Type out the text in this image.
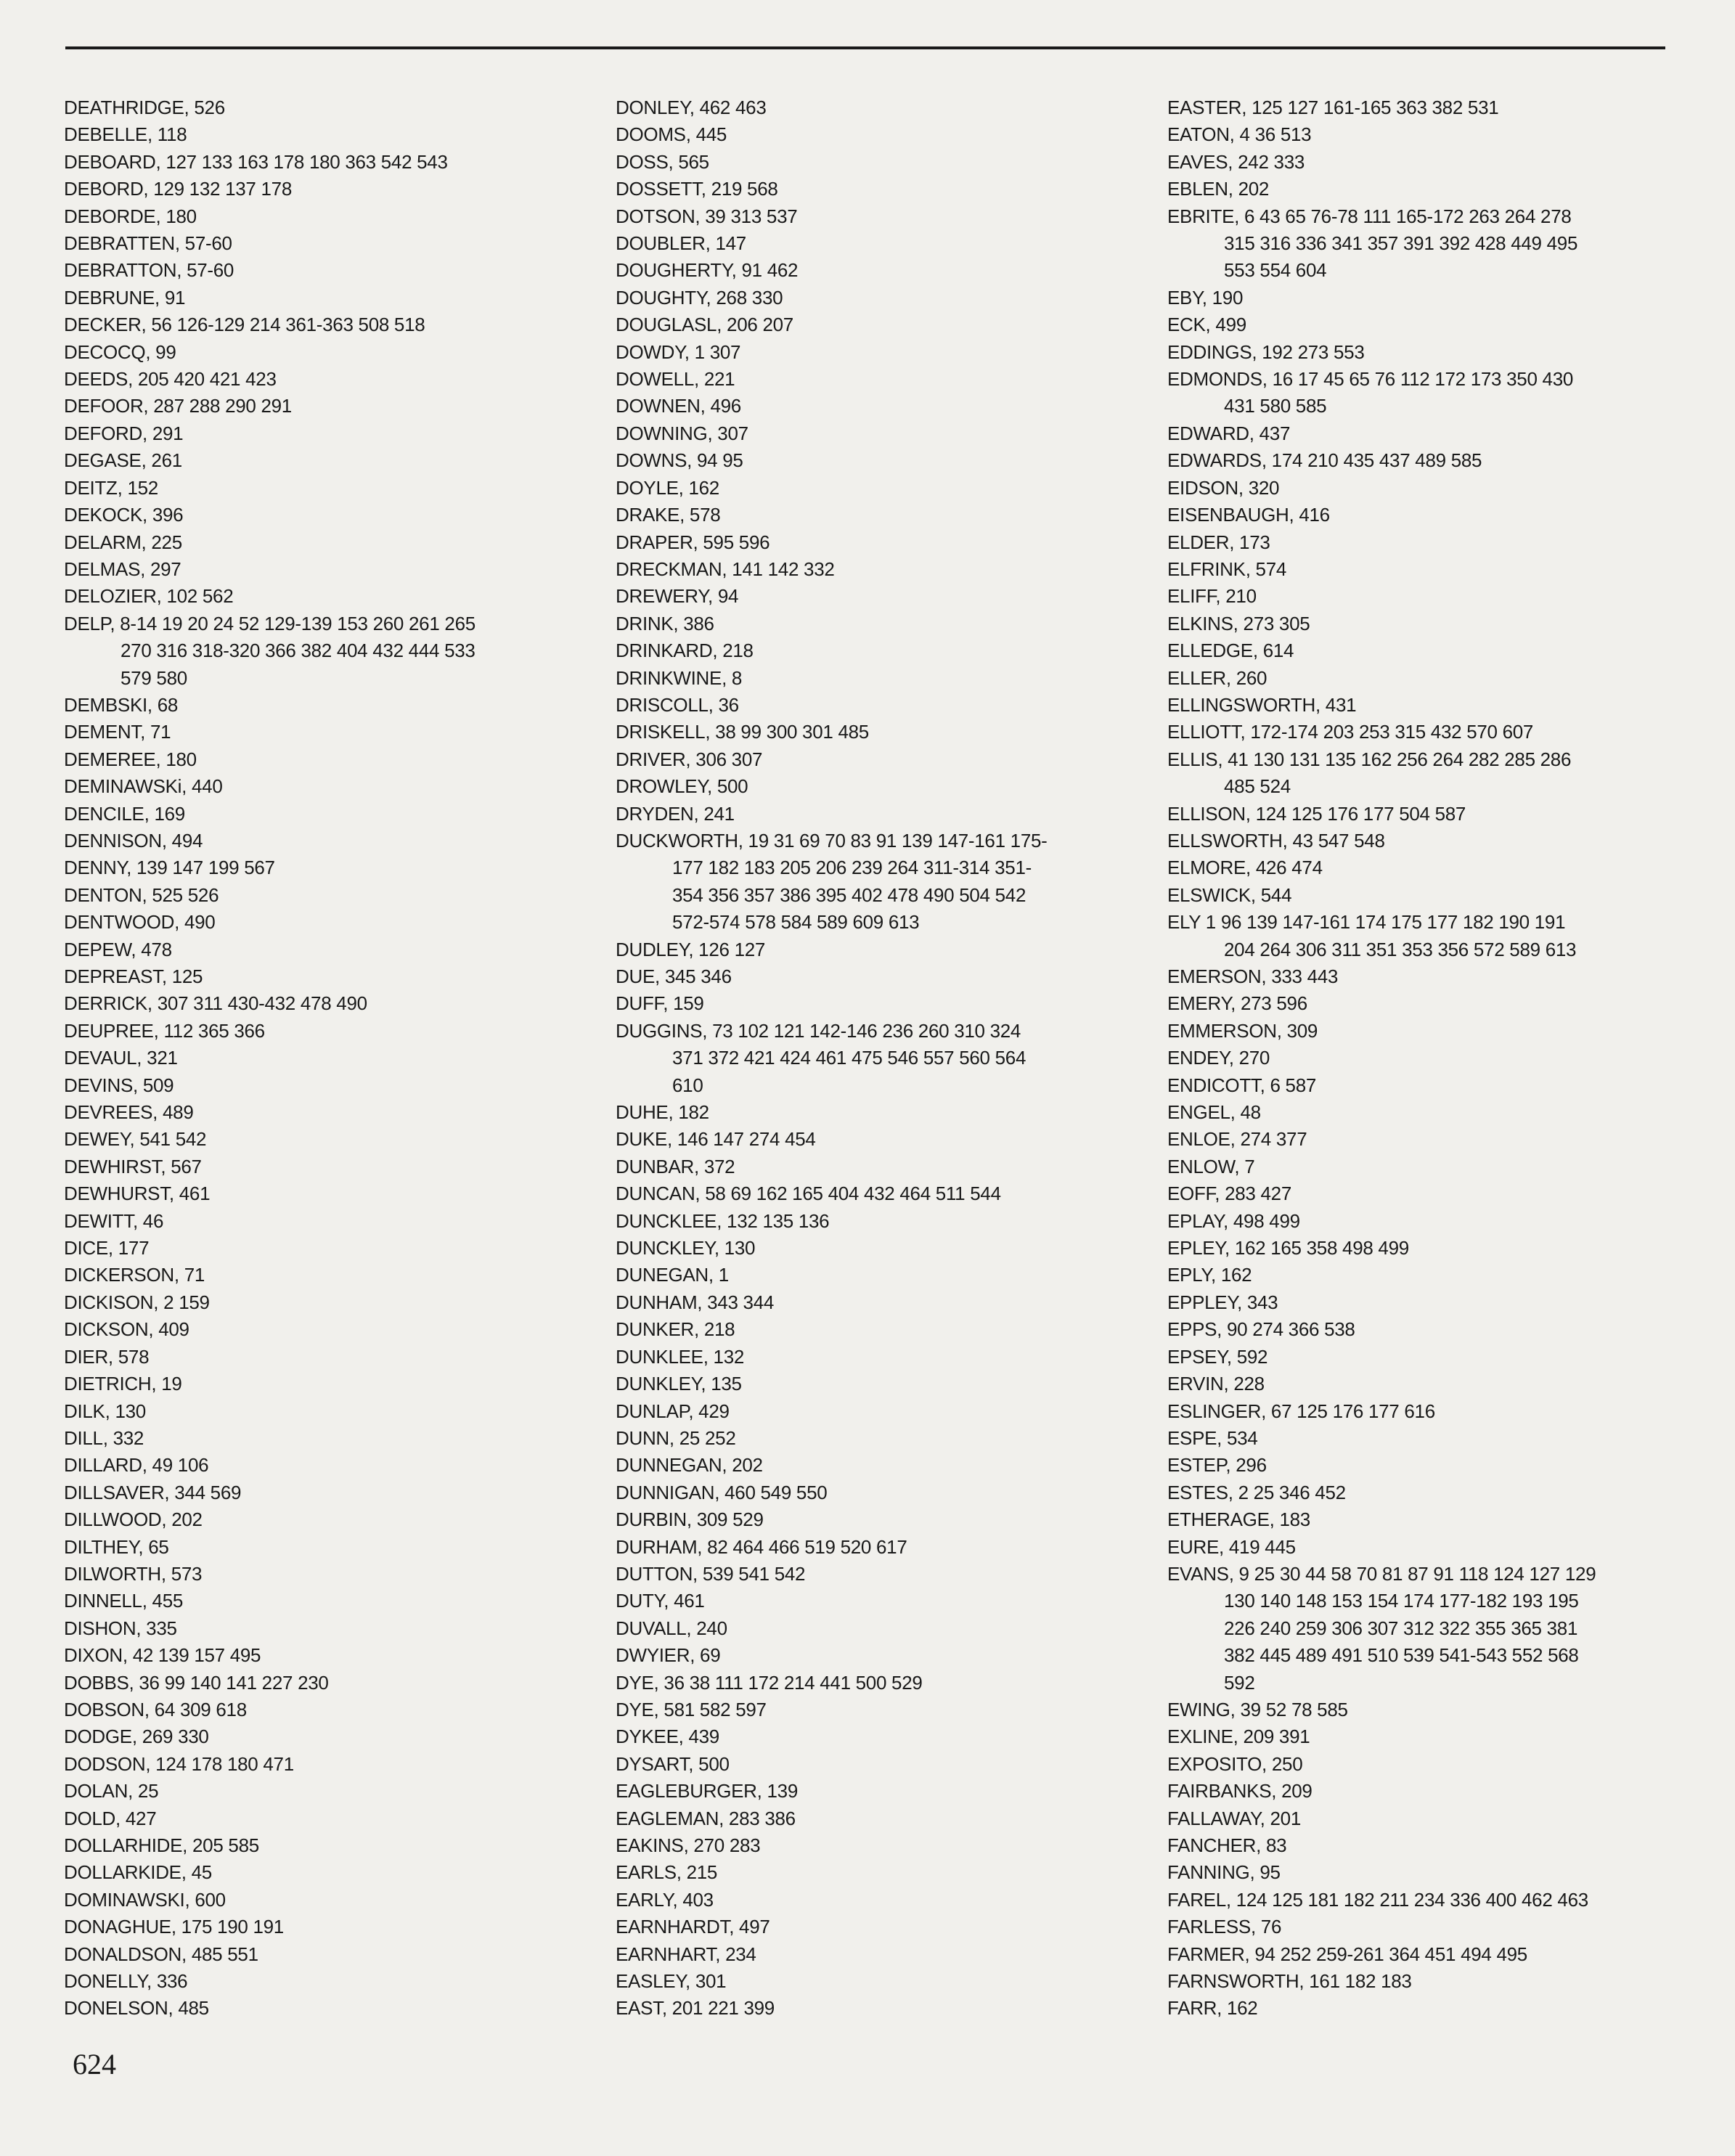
DEATHRIDGE, 526
DEBELLE, 118
DEBOARD, 127 133 163 178 180 363 542 543
DEBORD, 129 132 137 178
DEBORDE, 180
DEBRATTEN, 57-60
DEBRATTON, 57-60
DEBRUNE, 91
DECKER, 56 126-129 214 361-363 508 518
DECOCQ, 99
DEEDS, 205 420 421 423
DEFOOR, 287 288 290 291
DEFORD, 291
DEGASE, 261
DEITZ, 152
DEKOCK, 396
DELARM, 225
DELMAS, 297
DELOZIER, 102 562
DELP, 8-14 19 20 24 52 129-139 153 260 261 265
270 316 318-320 366 382 404 432 444 533
579 580
DEMBSKI, 68
DEMENT, 71
DEMEREE, 180
DEMINAWSKi, 440
DENCILE, 169
DENNISON, 494
DENNY, 139 147 199 567
DENTON, 525 526
DENTWOOD, 490
DEPEW, 478
DEPREAST, 125
DERRICK, 307 311 430-432 478 490
DEUPREE, 112 365 366
DEVAUL, 321
DEVINS, 509
DEVREES, 489
DEWEY, 541 542
DEWHIRST, 567
DEWHURST, 461
DEWITT, 46
DICE, 177
DICKERSON, 71
DICKISON, 2 159
DICKSON, 409
DIER, 578
DIETRICH, 19
DILK, 130
DILL, 332
DILLARD, 49 106
DILLSAVER, 344 569
DILLWOOD, 202
DILTHEY, 65
DILWORTH, 573
DINNELL, 455
DISHON, 335
DIXON, 42 139 157 495
DOBBS, 36 99 140 141 227 230
DOBSON, 64 309 618
DODGE, 269 330
DODSON, 124 178 180 471
DOLAN, 25
DOLD, 427
DOLLARHIDE, 205 585
DOLLARKIDE, 45
DOMINAWSKI, 600
DONAGHUE, 175 190 191
DONALDSON, 485 551
DONELLY, 336
DONELSON, 485
DONLEY, 462 463
DOOMS, 445
DOSS, 565
DOSSETT, 219 568
DOTSON, 39 313 537
DOUBLER, 147
DOUGHERTY, 91 462
DOUGHTY, 268 330
DOUGLASL, 206 207
DOWDY, 1 307
DOWELL, 221
DOWNEN, 496
DOWNING, 307
DOWNS, 94 95
DOYLE, 162
DRAKE, 578
DRAPER, 595 596
DRECKMAN, 141 142 332
DREWERY, 94
DRINK, 386
DRINKARD, 218
DRINKWINE, 8
DRISCOLL, 36
DRISKELL, 38 99 300 301 485
DRIVER, 306 307
DROWLEY, 500
DRYDEN, 241
DUCKWORTH, 19 31 69 70 83 91 139 147-161 175-
177 182 183 205 206 239 264 311-314 351-
354 356 357 386 395 402 478 490 504 542
572-574 578 584 589 609 613
DUDLEY, 126 127
DUE, 345 346
DUFF, 159
DUGGINS, 73 102 121 142-146 236 260 310 324
371 372 421 424 461 475 546 557 560 564
610
DUHE, 182
DUKE, 146 147 274 454
DUNBAR, 372
DUNCAN, 58 69 162 165 404 432 464 511 544
DUNCKLEE, 132 135 136
DUNCKLEY, 130
DUNEGAN, 1
DUNHAM, 343 344
DUNKER, 218
DUNKLEE, 132
DUNKLEY, 135
DUNLAP, 429
DUNN, 25 252
DUNNEGAN, 202
DUNNIGAN, 460 549 550
DURBIN, 309 529
DURHAM, 82 464 466 519 520 617
DUTTON, 539 541 542
DUTY, 461
DUVALL, 240
DWYIER, 69
DYE, 36 38 111 172 214 441 500 529
DYE, 581 582 597
DYKEE, 439
DYSART, 500
EAGLEBURGER, 139
EAGLEMAN, 283 386
EAKINS, 270 283
EARLS, 215
EARLY, 403
EARNHARDT, 497
EARNHART, 234
EASLEY, 301
EAST, 201 221 399
EASTER, 125 127 161-165 363 382 531
EATON, 4 36 513
EAVES, 242 333
EBLEN, 202
EBRITE, 6 43 65 76-78 111 165-172 263 264 278
315 316 336 341 357 391 392 428 449 495
553 554 604
EBY, 190
ECK, 499
EDDINGS, 192 273 553
EDMONDS, 16 17 45 65 76 112 172 173 350 430
431 580 585
EDWARD, 437
EDWARDS, 174 210 435 437 489 585
EIDSON, 320
EISENBAUGH, 416
ELDER, 173
ELFRINK, 574
ELIFF, 210
ELKINS, 273 305
ELLEDGE, 614
ELLER, 260
ELLINGSWORTH, 431
ELLIOTT, 172-174 203 253 315 432 570 607
ELLIS, 41 130 131 135 162 256 264 282 285 286
485 524
ELLISON, 124 125 176 177 504 587
ELLSWORTH, 43 547 548
ELMORE, 426 474
ELSWICK, 544
ELY 1 96 139 147-161 174 175 177 182 190 191
204 264 306 311 351 353 356 572 589 613
EMERSON, 333 443
EMERY, 273 596
EMMERSON, 309
ENDEY, 270
ENDICOTT, 6 587
ENGEL, 48
ENLOE, 274 377
ENLOW, 7
EOFF, 283 427
EPLAY, 498 499
EPLEY, 162 165 358 498 499
EPLY, 162
EPPLEY, 343
EPPS, 90 274 366 538
EPSEY, 592
ERVIN, 228
ESLINGER, 67 125 176 177 616
ESPE, 534
ESTEP, 296
ESTES, 2 25 346 452
ETHERAGE, 183
EURE, 419 445
EVANS, 9 25 30 44 58 70 81 87 91 118 124 127 129
130 140 148 153 154 174 177-182 193 195
226 240 259 306 307 312 322 355 365 381
382 445 489 491 510 539 541-543 552 568
592
EWING, 39 52 78 585
EXLINE, 209 391
EXPOSITO, 250
FAIRBANKS, 209
FALLAWAY, 201
FANCHER, 83
FANNING, 95
FAREL, 124 125 181 182 211 234 336 400 462 463
FARLESS, 76
FARMER, 94 252 259-261 364 451 494 495
FARNSWORTH, 161 182 183
FARR, 162
624
